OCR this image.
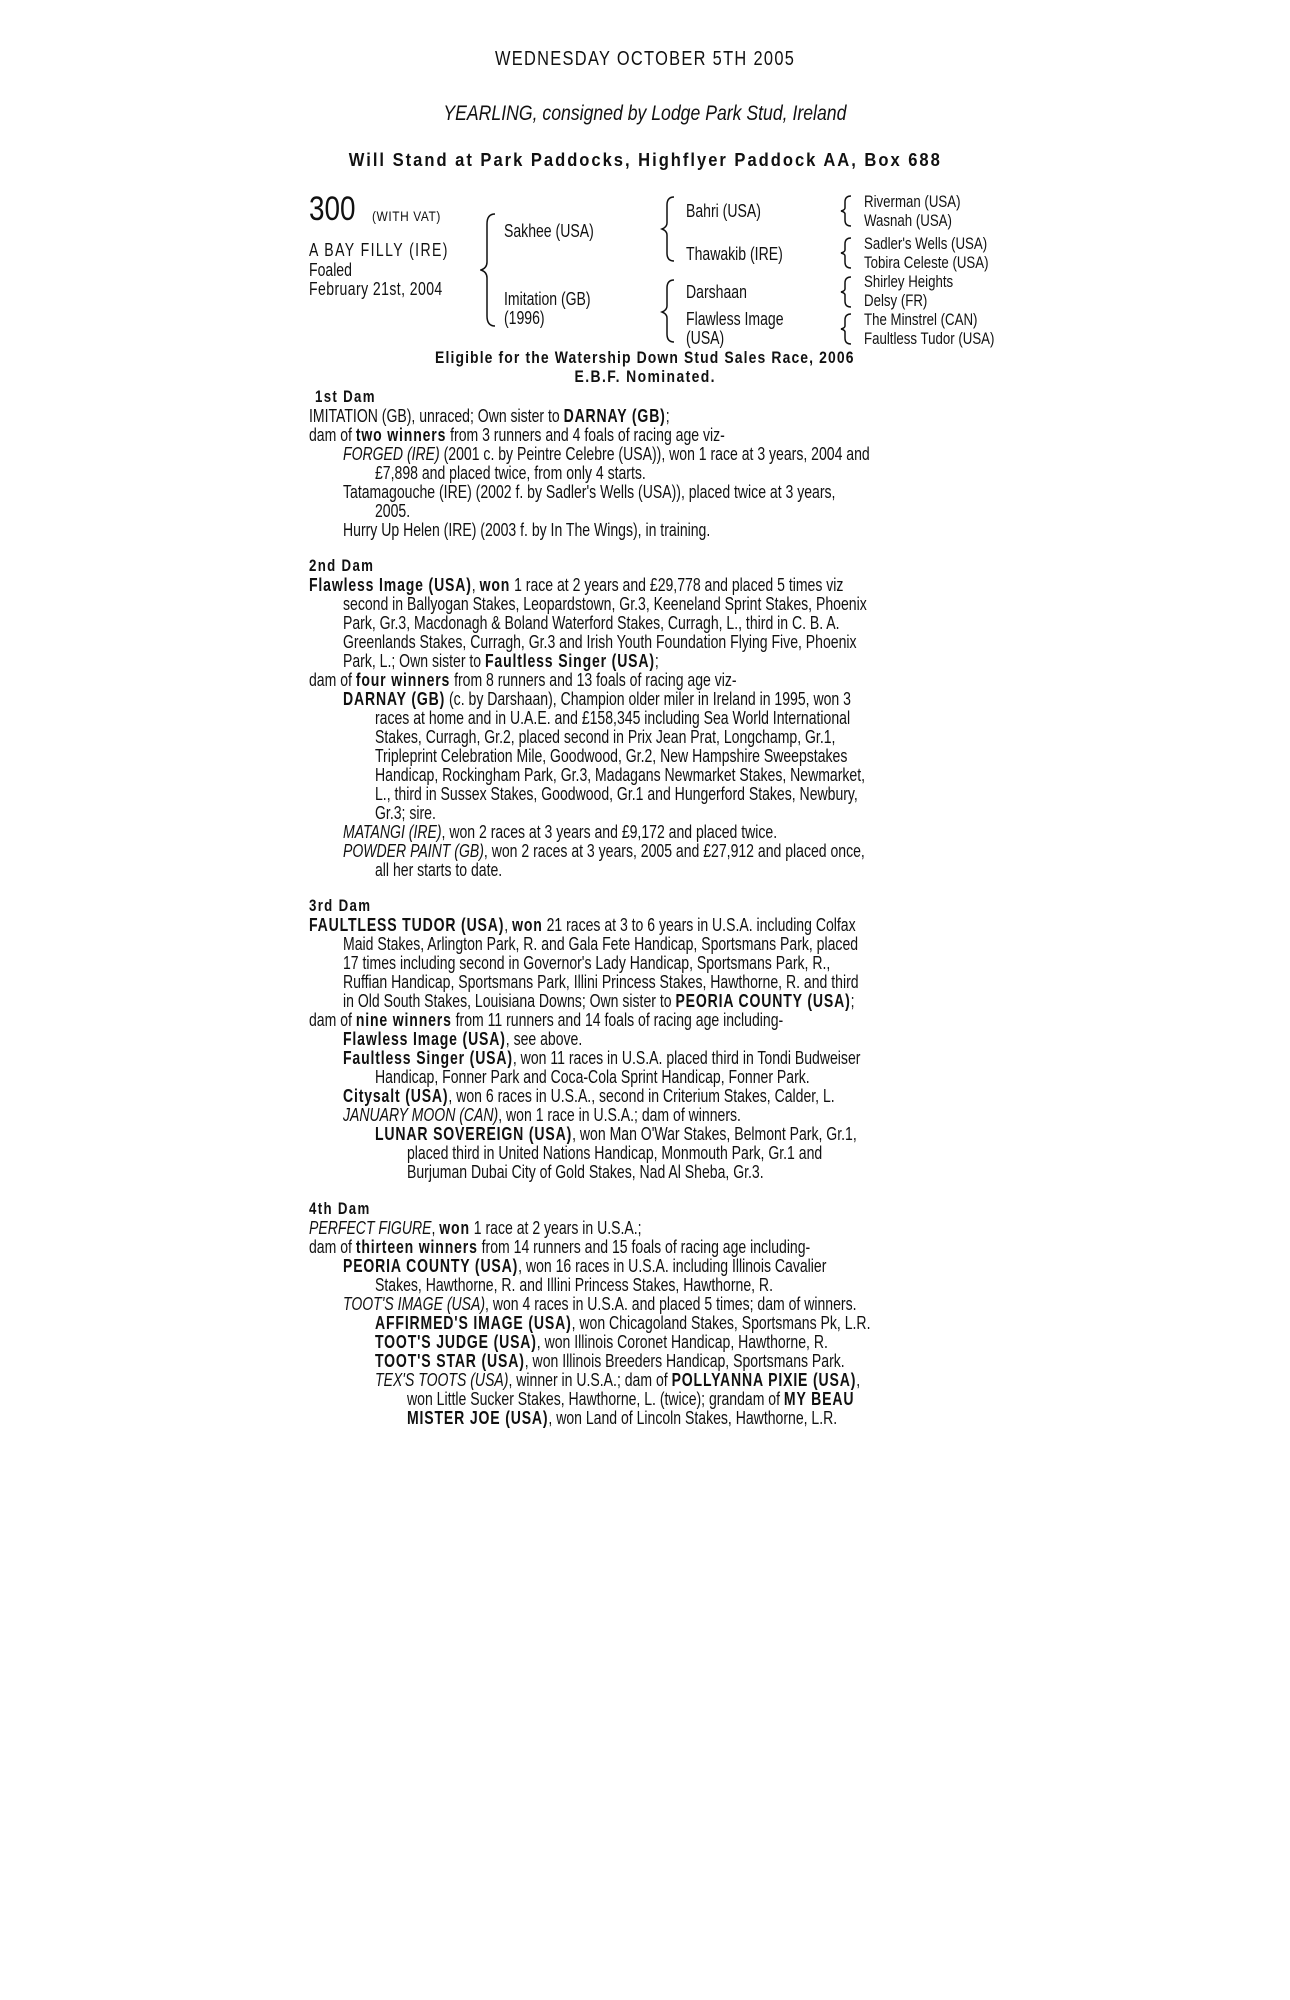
WEDNESDAY OCTOBER 5TH 2005
YEARLING, consigned by Lodge Park Stud, Ireland
Will Stand at Park Paddocks, Highflyer Paddock AA, Box 688
300	(WITH VAT)
A BAY FILLY (IRE)
Foaled
February 21st, 2004
Sakhee (USA)
Imitation (GB)
(1996)
Bahri (USA)
Thawakib (IRE)
Darshaan
Flawless Image
(USA)
Riverman (USA)
Wasnah (USA)
Sadler's Wells (USA)
Tobira Celeste (USA)
Shirley Heights
Delsy (FR)
The Minstrel (CAN)
Faultless Tudor (USA)
Eligible for the Watership Down Stud Sales Race, 2006
E.B.F. Nominated.
1st Dam
IMITATION (GB), unraced; Own sister to DARNAY (GB);
dam of two winners from 3 runners and 4 foals of racing age viz-
FORGED (IRE) (2001 c. by Peintre Celebre (USA)), won 1 race at 3 years, 2004 and
£7,898 and placed twice, from only 4 starts.
Tatamagouche (IRE) (2002 f. by Sadler's Wells (USA)), placed twice at 3 years,
2005.
Hurry Up Helen (IRE) (2003 f. by In The Wings), in training.
2nd Dam
Flawless Image (USA), won 1 race at 2 years and £29,778 and placed 5 times viz
second in Ballyogan Stakes, Leopardstown, Gr.3, Keeneland Sprint Stakes, Phoenix
Park, Gr.3, Macdonagh & Boland Waterford Stakes, Curragh, L., third in C. B. A.
Greenlands Stakes, Curragh, Gr.3 and Irish Youth Foundation Flying Five, Phoenix
Park, L.; Own sister to Faultless Singer (USA);
dam of four winners from 8 runners and 13 foals of racing age viz-
DARNAY (GB) (c. by Darshaan), Champion older miler in Ireland in 1995, won 3
races at home and in U.A.E. and £158,345 including Sea World International
Stakes, Curragh, Gr.2, placed second in Prix Jean Prat, Longchamp, Gr.1,
Tripleprint Celebration Mile, Goodwood, Gr.2, New Hampshire Sweepstakes
Handicap, Rockingham Park, Gr.3, Madagans Newmarket Stakes, Newmarket,
L., third in Sussex Stakes, Goodwood, Gr.1 and Hungerford Stakes, Newbury,
Gr.3; sire.
MATANGI (IRE), won 2 races at 3 years and £9,172 and placed twice.
POWDER PAINT (GB), won 2 races at 3 years, 2005 and £27,912 and placed once,
all her starts to date.
3rd Dam
FAULTLESS TUDOR (USA), won 21 races at 3 to 6 years in U.S.A. including Colfax
Maid Stakes, Arlington Park, R. and Gala Fete Handicap, Sportsmans Park, placed
17 times including second in Governor's Lady Handicap, Sportsmans Park, R.,
Ruffian Handicap, Sportsmans Park, Illini Princess Stakes, Hawthorne, R. and third
in Old South Stakes, Louisiana Downs; Own sister to PEORIA COUNTY (USA);
dam of nine winners from 11 runners and 14 foals of racing age including-
Flawless Image (USA), see above.
Faultless Singer (USA), won 11 races in U.S.A. placed third in Tondi Budweiser
Handicap, Fonner Park and Coca-Cola Sprint Handicap, Fonner Park.
Citysalt (USA), won 6 races in U.S.A., second in Criterium Stakes, Calder, L.
JANUARY MOON (CAN), won 1 race in U.S.A.; dam of winners.
LUNAR SOVEREIGN (USA), won Man O'War Stakes, Belmont Park, Gr.1,
placed third in United Nations Handicap, Monmouth Park, Gr.1 and
Burjuman Dubai City of Gold Stakes, Nad Al Sheba, Gr.3.
4th Dam
PERFECT FIGURE, won 1 race at 2 years in U.S.A.;
dam of thirteen winners from 14 runners and 15 foals of racing age including-
PEORIA COUNTY (USA), won 16 races in U.S.A. including Illinois Cavalier
Stakes, Hawthorne, R. and Illini Princess Stakes, Hawthorne, R.
TOOT'S IMAGE (USA), won 4 races in U.S.A. and placed 5 times; dam of winners.
AFFIRMED'S IMAGE (USA), won Chicagoland Stakes, Sportsmans Pk, L.R.
TOOT'S JUDGE (USA), won Illinois Coronet Handicap, Hawthorne, R.
TOOT'S STAR (USA), won Illinois Breeders Handicap, Sportsmans Park.
TEX'S TOOTS (USA), winner in U.S.A.; dam of POLLYANNA PIXIE (USA),
won Little Sucker Stakes, Hawthorne, L. (twice); grandam of MY BEAU
MISTER JOE (USA), won Land of Lincoln Stakes, Hawthorne, L.R.
